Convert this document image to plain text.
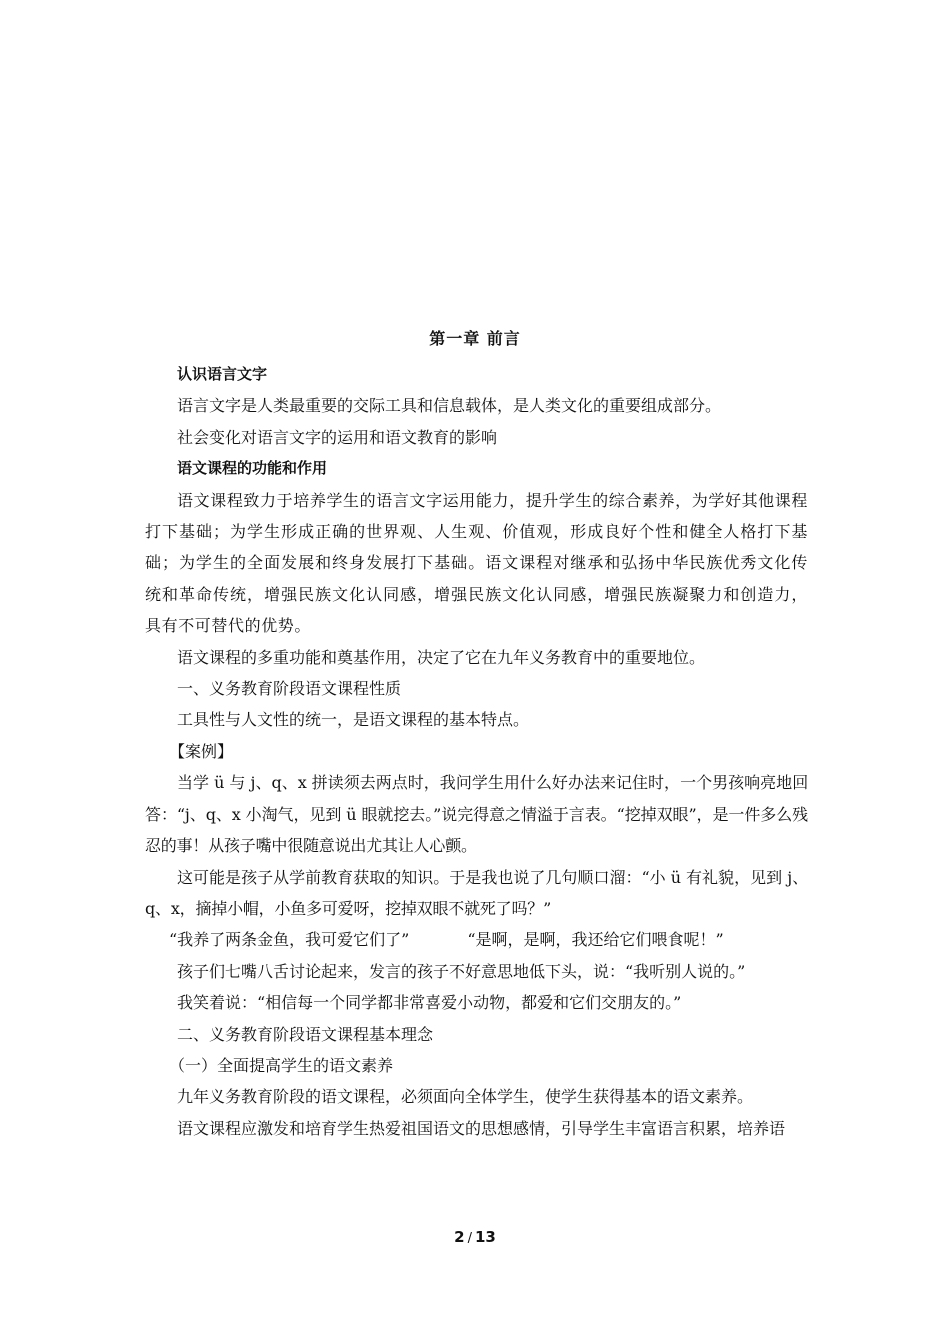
第一章 前言

认识语言文字

语言文字是人类最重要的交际工具和信息载体，是人类文化的重要组成部分。

社会变化对语言文字的运用和语文教育的影响

语文课程的功能和作用

语文课程致力于培养学生的语言文字运用能力，提升学生的综合素养，为学好其他课程打下基础；为学生形成正确的世界观、人生观、价值观，形成良好个性和健全人格打下基础；为学生的全面发展和终身发展打下基础。语文课程对继承和弘扬中华民族优秀文化传统和革命传统，增强民族文化认同感，增强民族文化认同感，增强民族凝聚力和创造力，具有不可替代的优势。

语文课程的多重功能和奠基作用，决定了它在九年义务教育中的重要地位。

一、义务教育阶段语文课程性质

工具性与人文性的统一，是语文课程的基本特点。

【案例】

当学 ü 与 j、q、x 拼读须去两点时，我问学生用什么好办法来记住时，一个男孩响亮地回答：“j、q、x 小淘气，见到 ü 眼就挖去。”说完得意之情溢于言表。“挖掉双眼”，是一件多么残忍的事！从孩子嘴中很随意说出尤其让人心颤。

这可能是孩子从学前教育获取的知识。于是我也说了几句顺口溜：“小 ü 有礼貌，见到 j、q、x，摘掉小帽，小鱼多可爱呀，挖掉双眼不就死了吗？”

“我养了两条金鱼，我可爱它们了”	“是啊，是啊，我还给它们喂食呢！”

孩子们七嘴八舌讨论起来，发言的孩子不好意思地低下头，说：“我听别人说的。”

我笑着说：“相信每一个同学都非常喜爱小动物，都爱和它们交朋友的。”

二、义务教育阶段语文课程基本理念

（一）全面提高学生的语文素养

九年义务教育阶段的语文课程，必须面向全体学生，使学生获得基本的语文素养。

语文课程应激发和培育学生热爱祖国语文的思想感情，引导学生丰富语言积累，培养语

2 / 13
